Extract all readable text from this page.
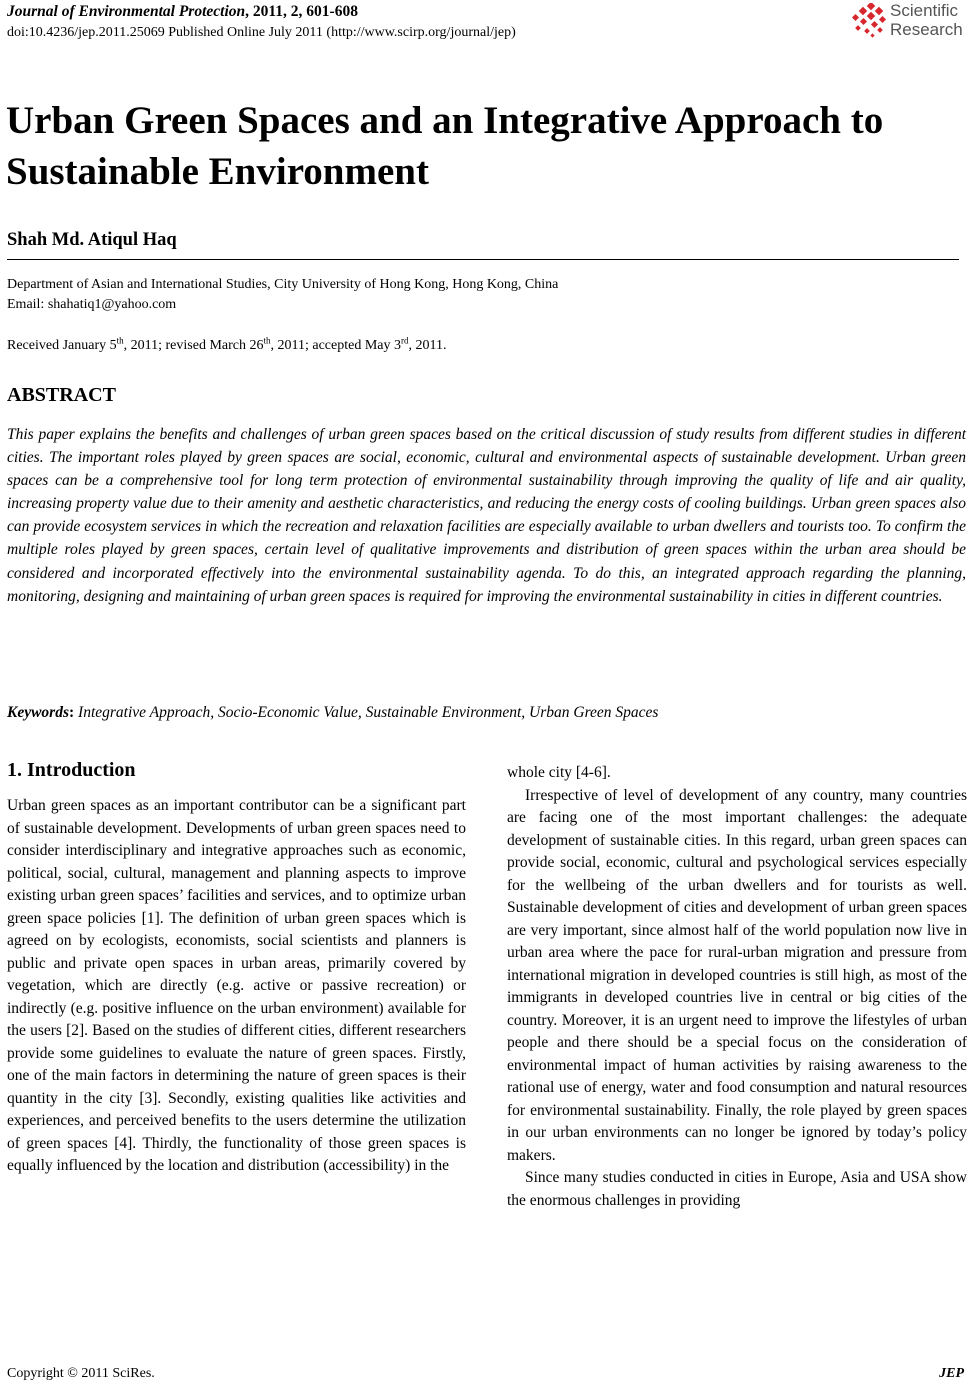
Journal of Environmental Protection, 2011, 2, 601-608
doi:10.4236/jep.2011.25069 Published Online July 2011 (http://www.scirp.org/journal/jep)
Scientific
Research
Urban Green Spaces and an Integrative Approach to Sustainable Environment
Shah Md. Atiqul Haq
Department of Asian and International Studies, City University of Hong Kong, Hong Kong, China
Email: shahatiq1@yahoo.com
Received January 5th, 2011; revised March 26th, 2011; accepted May 3rd, 2011.
ABSTRACT
This paper explains the benefits and challenges of urban green spaces based on the critical discussion of study results from different studies in different cities. The important roles played by green spaces are social, economic, cultural and environmental aspects of sustainable development. Urban green spaces can be a comprehensive tool for long term protection of environmental sustainability through improving the quality of life and air quality, increasing property value due to their amenity and aesthetic characteristics, and reducing the energy costs of cooling buildings. Urban green spaces also can provide ecosystem services in which the recreation and relaxation facilities are especially available to urban dwellers and tourists too. To confirm the multiple roles played by green spaces, certain level of qualitative improvements and distribution of green spaces within the urban area should be considered and incorporated effectively into the environmental sustainability agenda. To do this, an integrated approach regarding the planning, monitoring, designing and maintaining of urban green spaces is required for improving the environmental sustainability in cities in different countries.
Keywords: Integrative Approach, Socio-Economic Value, Sustainable Environment, Urban Green Spaces
1. Introduction

Urban green spaces as an important contributor can be a significant part of sustainable development. Developments of urban green spaces need to consider interdisciplinary and integrative approaches such as economic, political, social, cultural, management and planning aspects to improve existing urban green spaces’ facilities and services, and to optimize urban green space policies [1]. The definition of urban green spaces which is agreed on by ecologists, economists, social scientists and planners is public and private open spaces in urban areas, primarily covered by vegetation, which are directly (e.g. active or passive recreation) or indirectly (e.g. positive influence on the urban environment) available for the users [2]. Based on the studies of different cities, different researchers provide some guidelines to evaluate the nature of green spaces. Firstly, one of the main factors in determining the nature of green spaces is their quantity in the city [3]. Secondly, existing qualities like activities and experiences, and perceived benefits to the users determine the utilization of green spaces [4]. Thirdly, the functionality of those green spaces is equally influenced by the location and distribution (accessibility) in the

whole city [4-6].

Irrespective of level of development of any country, many countries are facing one of the most important challenges: the adequate development of sustainable cities. In this regard, urban green spaces can provide social, economic, cultural and psychological services especially for the wellbeing of the urban dwellers and for tourists as well. Sustainable development of cities and development of urban green spaces are very important, since almost half of the world population now live in urban area where the pace for rural-urban migration and pressure from international migration in developed countries is still high, as most of the immigrants in developed countries live in central or big cities of the country. Moreover, it is an urgent need to improve the lifestyles of urban people and there should be a special focus on the consideration of environmental impact of human activities by raising awareness to the rational use of energy, water and food consumption and natural resources for environmental sustainability. Finally, the role played by green spaces in our urban environments can no longer be ignored by today’s policy makers.

Since many studies conducted in cities in Europe, Asia and USA show the enormous challenges in providing

Copyright © 2011 SciRes.	JEP
